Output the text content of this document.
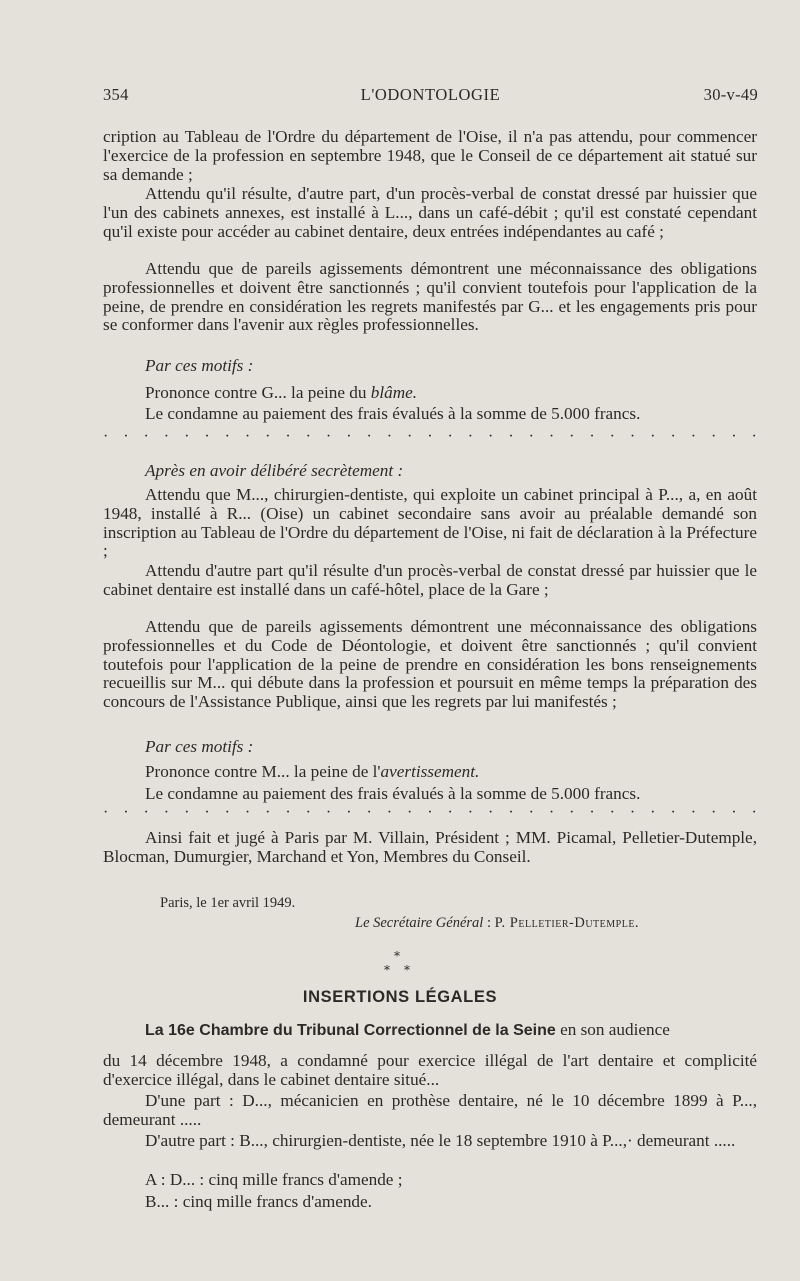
354	L'ODONTOLOGIE	30-v-49

cription au Tableau de l'Ordre du département de l'Oise, il n'a pas attendu, pour commencer l'exercice de la profession en septembre 1948, que le Conseil de ce département ait statué sur sa demande ;

Attendu qu'il résulte, d'autre part, d'un procès-verbal de constat dressé par huissier que l'un des cabinets annexes, est installé à L..., dans un café-débit ; qu'il est constaté cependant qu'il existe pour accéder au cabinet dentaire, deux entrées indépendantes au café ;

Attendu que de pareils agissements démontrent une méconnaissance des obligations professionnelles et doivent être sanctionnés ; qu'il convient toutefois pour l'application de la peine, de prendre en considération les regrets manifestés par G... et les engagements pris pour se conformer dans l'avenir aux règles professionnelles.

Par ces motifs :
Prononce contre G... la peine du blâme.
Le condamne au paiement des frais évalués à la somme de 5.000 francs.
· · · · · · · · · · · · · · · · · · · · · · · · · · · · · · · · ·
Après en avoir délibéré secrètement :

Attendu que M..., chirurgien-dentiste, qui exploite un cabinet principal à P..., a, en août 1948, installé à R... (Oise) un cabinet secondaire sans avoir au préalable demandé son inscription au Tableau de l'Ordre du département de l'Oise, ni fait de déclaration à la Préfecture ;

Attendu d'autre part qu'il résulte d'un procès-verbal de constat dressé par huissier que le cabinet dentaire est installé dans un café-hôtel, place de la Gare ;

Attendu que de pareils agissements démontrent une méconnaissance des obligations professionnelles et du Code de Déontologie, et doivent être sanctionnés ; qu'il convient toutefois pour l'application de la peine de prendre en considération les bons renseignements recueillis sur M... qui débute dans la profession et poursuit en même temps la préparation des concours de l'Assistance Publique, ainsi que les regrets par lui manifestés ;

Par ces motifs :
Prononce contre M... la peine de l'avertissement.
Le condamne au paiement des frais évalués à la somme de 5.000 francs.
· · · · · · · · · · · · · · · · · · · · · · · · · · · · · · · · ·

Ainsi fait et jugé à Paris par M. Villain, Président ; MM. Picamal, Pelletier-Dutemple, Blocman, Dumurgier, Marchand et Yon, Membres du Conseil.

Paris, le 1er avril 1949.
Le Secrétaire Général : P. Pelletier-Dutemple.
*
* *
INSERTIONS LÉGALES
La 16e Chambre du Tribunal Correctionnel de la Seine en son audience

du 14 décembre 1948, a condamné pour exercice illégal de l'art dentaire et complicité d'exercice illégal, dans le cabinet dentaire situé...

D'une part : D..., mécanicien en prothèse dentaire, né le 10 décembre 1899 à P..., demeurant .....

D'autre part : B..., chirurgien-dentiste, née le 18 septembre 1910 à P...,· demeurant .....

A : D... : cinq mille francs d'amende ;
B... : cinq mille francs d'amende.
